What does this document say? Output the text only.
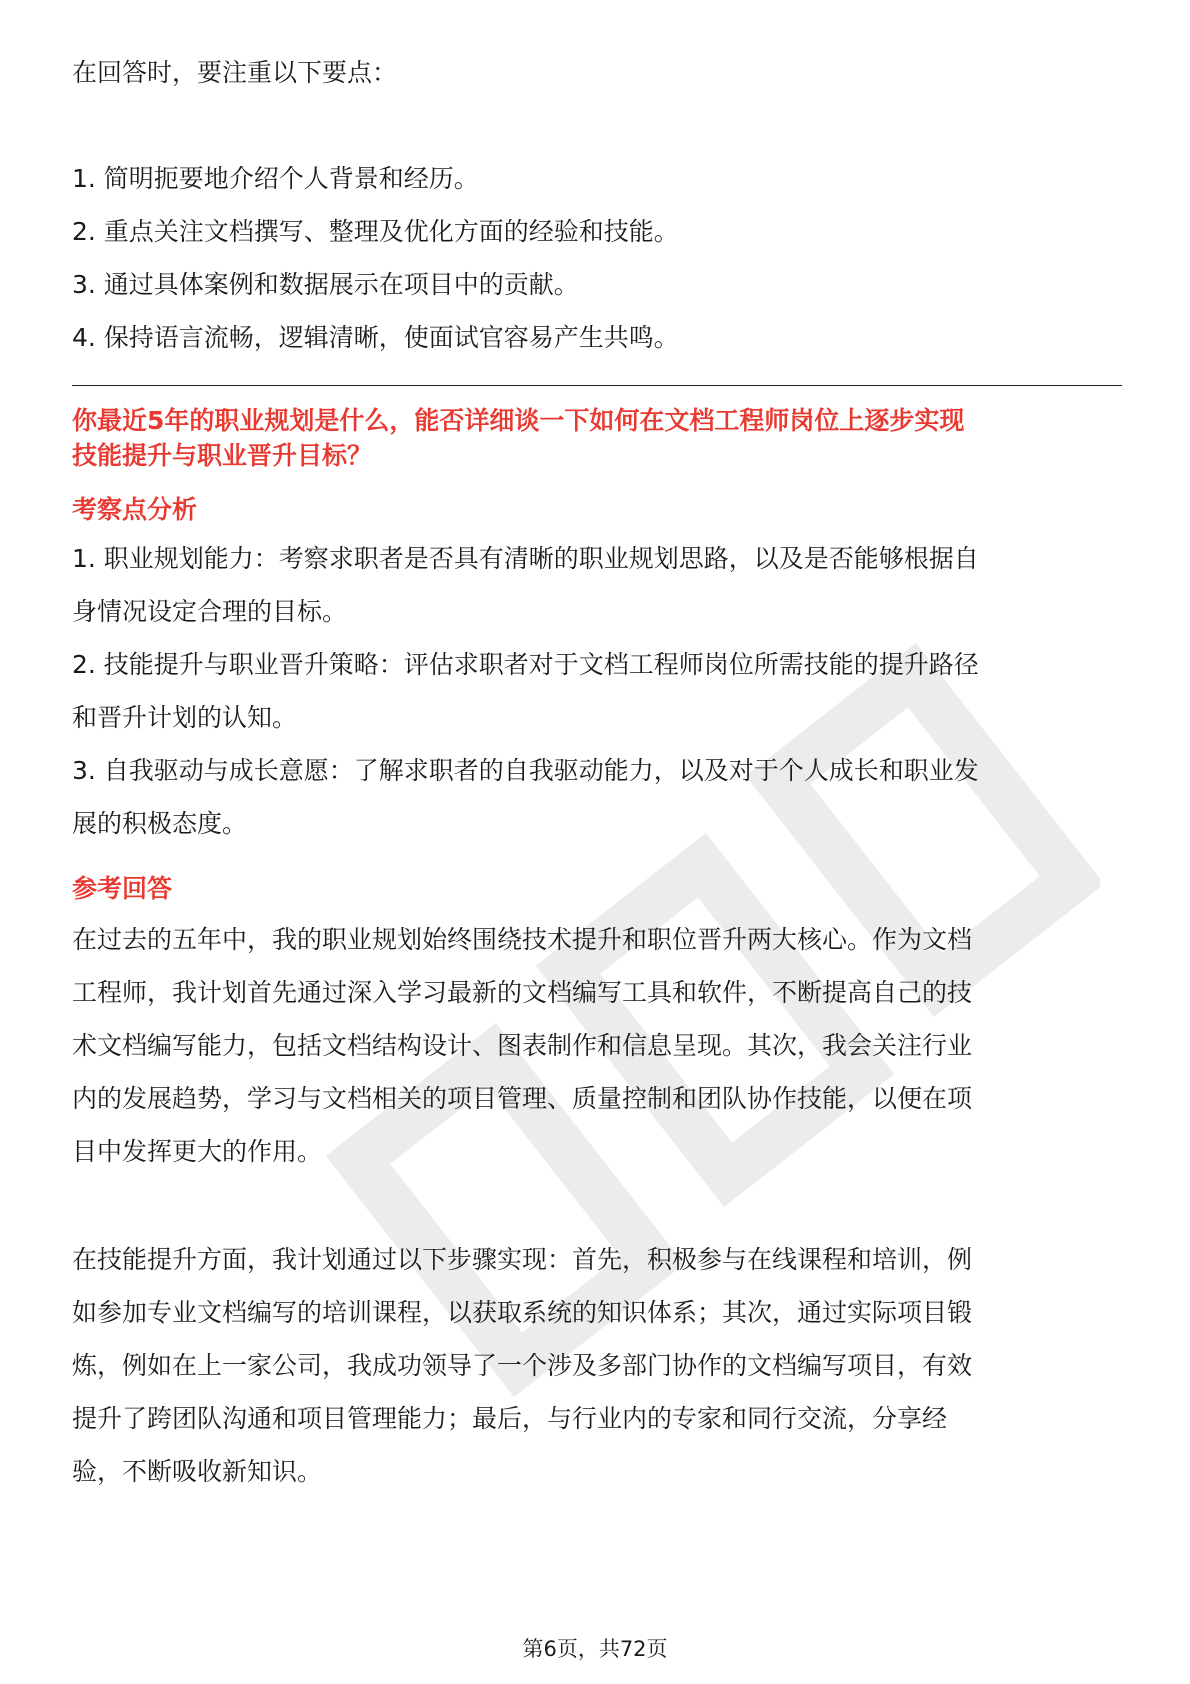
在回答时，要注重以下要点：
1. 简明扼要地介绍个人背景和经历。
2. 重点关注文档撰写、整理及优化方面的经验和技能。
3. 通过具体案例和数据展示在项目中的贡献。
4. 保持语言流畅，逻辑清晰，使面试官容易产生共鸣。
你最近5年的职业规划是什么，能否详细谈一下如何在文档工程师岗位上逐步实现
技能提升与职业晋升目标？
考察点分析
1. 职业规划能力：考察求职者是否具有清晰的职业规划思路，以及是否能够根据自
身情况设定合理的目标。
2. 技能提升与职业晋升策略：评估求职者对于文档工程师岗位所需技能的提升路径
和晋升计划的认知。
3. 自我驱动与成长意愿：了解求职者的自我驱动能力，以及对于个人成长和职业发
展的积极态度。
参考回答
在过去的五年中，我的职业规划始终围绕技术提升和职位晋升两大核心。作为文档
工程师，我计划首先通过深入学习最新的文档编写工具和软件，不断提高自己的技
术文档编写能力，包括文档结构设计、图表制作和信息呈现。其次，我会关注行业
内的发展趋势，学习与文档相关的项目管理、质量控制和团队协作技能，以便在项
目中发挥更大的作用。
在技能提升方面，我计划通过以下步骤实现：首先，积极参与在线课程和培训，例
如参加专业文档编写的培训课程，以获取系统的知识体系；其次，通过实际项目锻
炼，例如在上一家公司，我成功领导了一个涉及多部门协作的文档编写项目，有效
提升了跨团队沟通和项目管理能力；最后，与行业内的专家和同行交流，分享经
验，不断吸收新知识。
第6页，共72页
